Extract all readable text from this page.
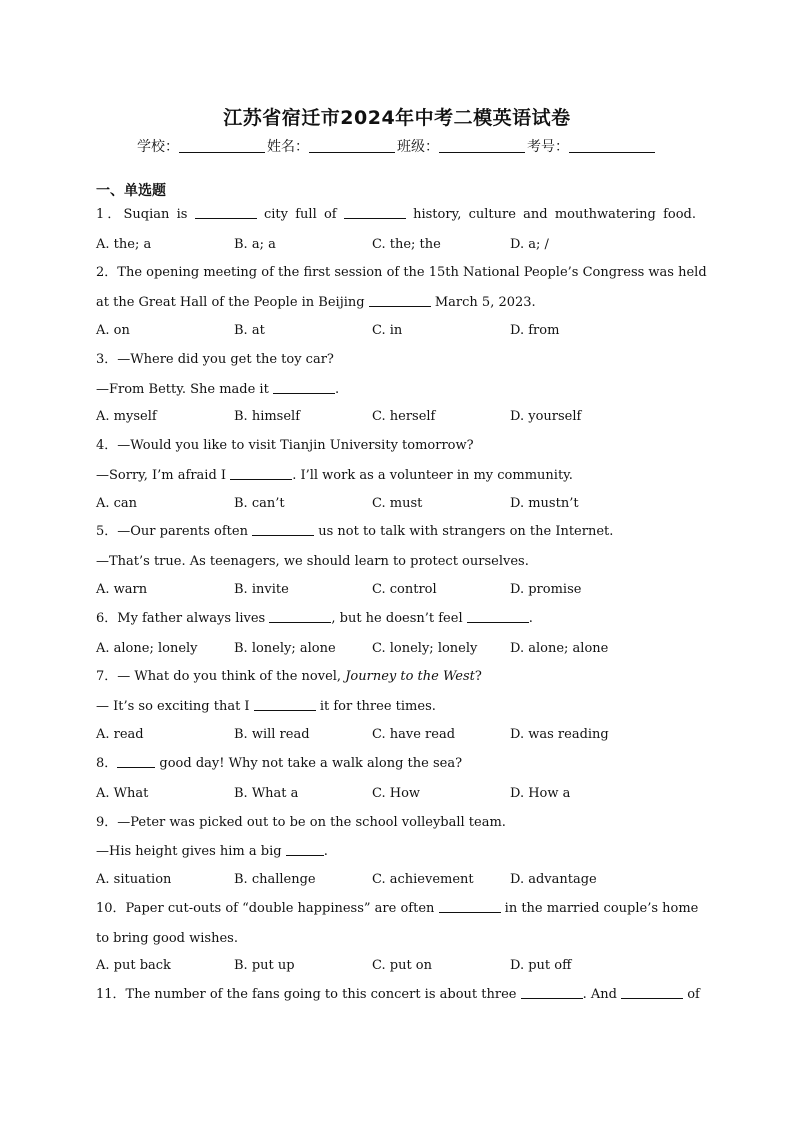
江苏省宿迁市2024年中考二模英语试卷
学校：	姓名：	班级：	考号：
一、单选题
1．Suqian is	city full of	history, culture and mouthwatering food.
A. the; a	B. a; a	C. the; the	D. a; /
2．The opening meeting of the first session of the 15th National People’s Congress was held
at the Great Hall of the People in Beijing	March 5, 2023.
A. on	B. at	C. in	D. from
3．—Where did you get the toy car?
—From Betty. She made it	.
A. myself	B. himself	C. herself	D. yourself
4．—Would you like to visit Tianjin University tomorrow?
—Sorry, I’m afraid I	. I’ll work as a volunteer in my community.
A. can	B. can’t	C. must	D. mustn’t
5．—Our parents often	us not to talk with strangers on the Internet.
—That’s true. As teenagers, we should learn to protect ourselves.
A. warn	B. invite	C. control	D. promise
6．My father always lives	, but he doesn’t feel	.
A. alone; lonely	B. lonely; alone	C. lonely; lonely	D. alone; alone
7．— What do you think of the novel, Journey to the West?
— It’s so exciting that I	it for three times.
A. read	B. will read	C. have read	D. was reading
8．	good day! Why not take a walk along the sea?
A. What	B. What a	C. How	D. How a
9．—Peter was picked out to be on the school volleyball team.
—His height gives him a big	.
A. situation	B. challenge	C. achievement	D. advantage
10．Paper cut-outs of “double happiness” are often	in the married couple’s home
to bring good wishes.
A. put back	B. put up	C. put on	D. put off
11．The number of the fans going to this concert is about three	. And	of
